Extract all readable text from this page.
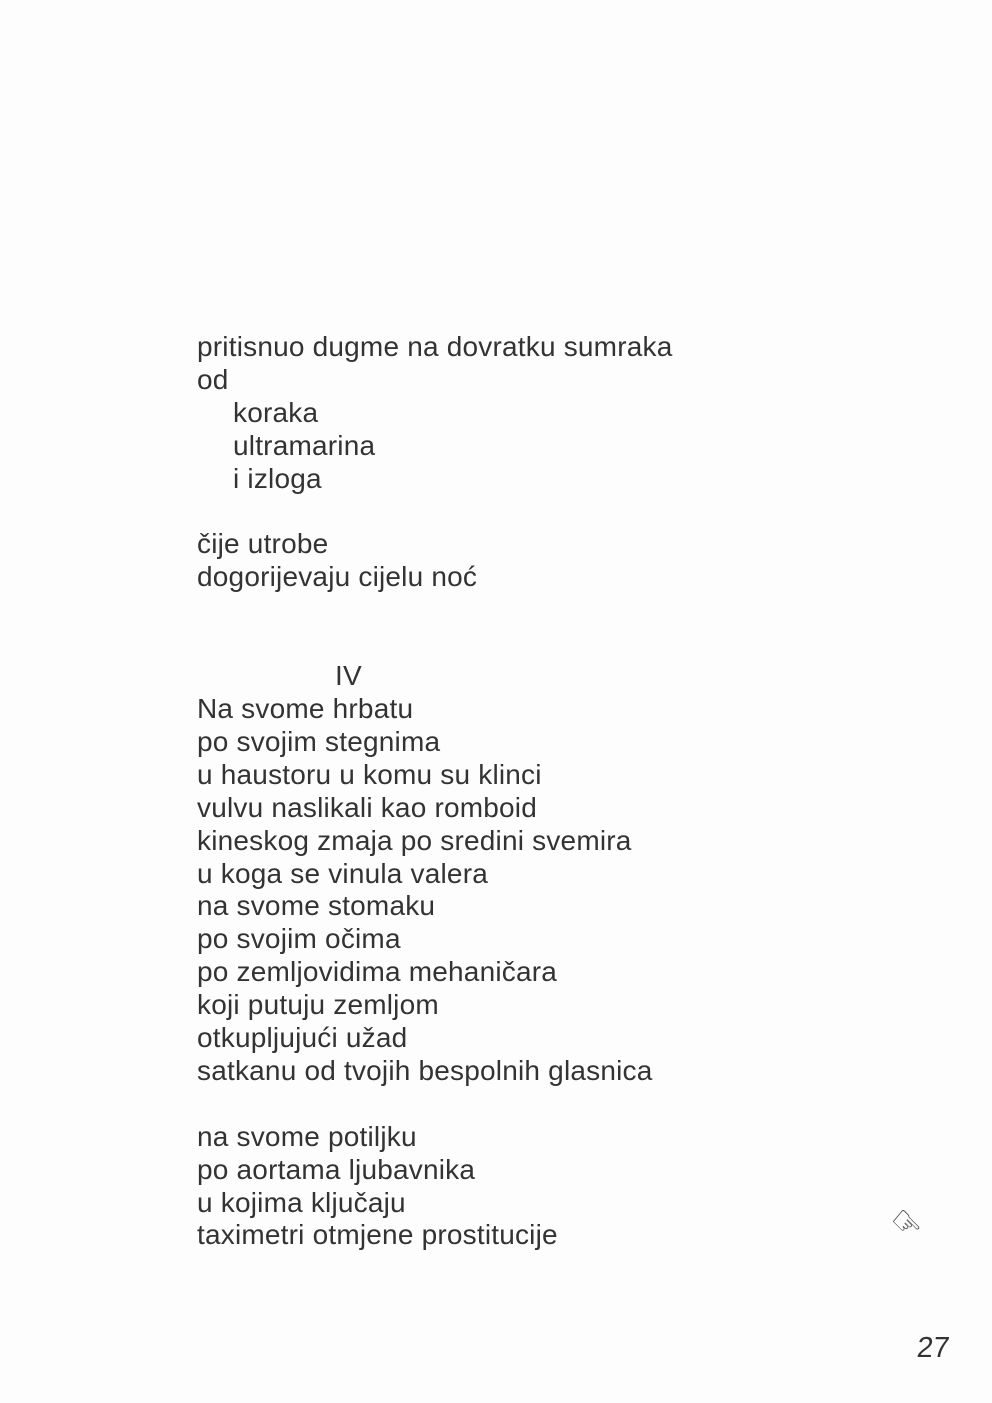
pritisnuo dugme na dovratku sumraka
od
koraka
ultramarina
i izloga

čije utrobe
dogorijevaju cijelu noć

IV
Na svome hrbatu
po svojim stegnima
u haustoru u komu su klinci
vulvu naslikali kao romboid
kineskog zmaja po sredini svemira
u koga se vinula valera
na svome stomaku
po svojim očima
po zemljovidima mehaničara
koji putuju zemljom
otkupljujući užad
satkanu od tvojih bespolnih glasnica

na svome potiljku
po aortama ljubavnika
u kojima ključaju
taximetri otmjene prostitucije	☞
27
